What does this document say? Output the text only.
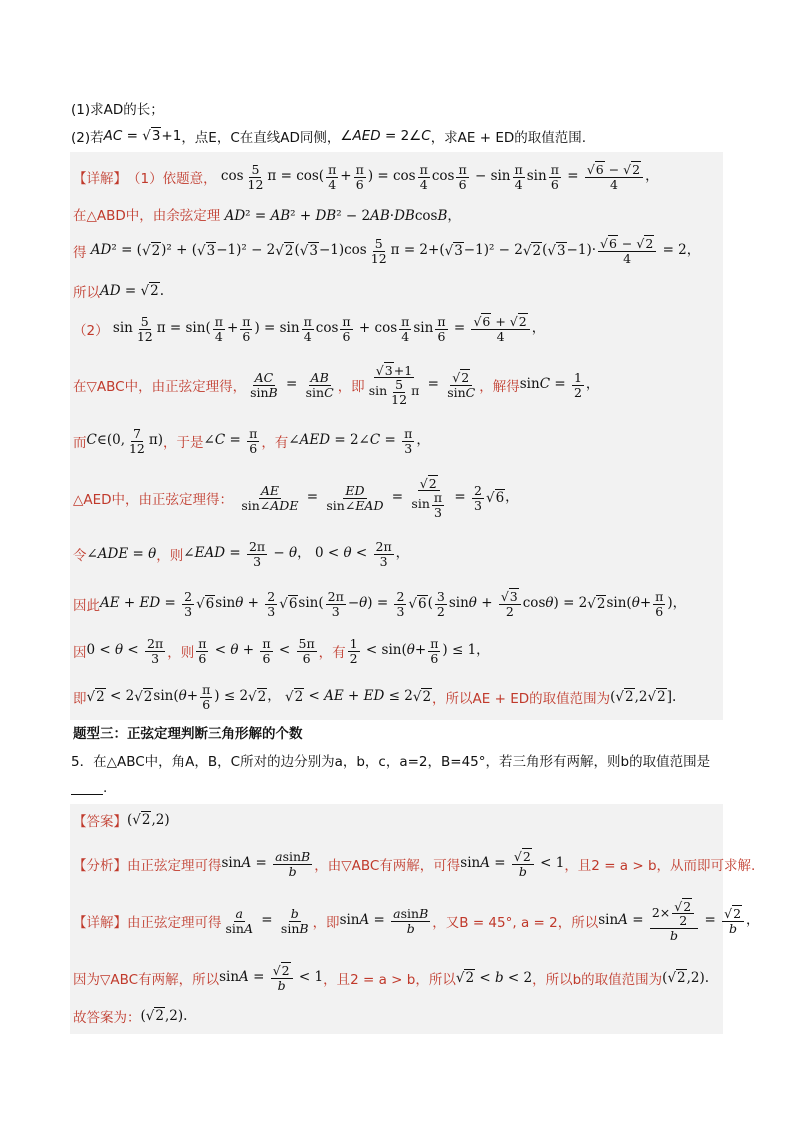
(1)求AD的长；
(2)若 AC = √ 3+1 ，点E，C在直线AD同侧， ∠AED = 2∠C ，求AE + ED的取值范围.
【详解】 （1）依题意， $\cos \frac{5}{12}$ $\pi = \cos( \frac{\pi}{4} + \frac{\pi}{6}$ ) = $\cos \frac{\pi}{4}$ $\cos \frac{\pi}{6} - \sin \frac{\pi}{4}$ $\sin \frac{\pi}{6}$ =
√ $\frac{6 - √ 2}{4}$ ，
在△ABD中，由余弦定理 AD² = AB² + DB² − 2AB·DBcosB，
得 AD² = (√ 2)² + (√ 3−1)² − 2√ 2(√ $3-1)\cos \frac{5}{12}$ π = 2+(√ 3−1)² − 2√ 2(√ 3−1)·
√ $\frac{6 - √ 2}{4} = 2$，
所以 AD = √ 2.
（2） $\sin \frac{5}{12}$ $\pi = \sin( \frac{\pi}{4} + \frac{\pi}{6}$ ) = $\sin \frac{\pi}{4}$ $\cos \frac{\pi}{6} + \cos \frac{\pi}{4}$ $\sin \frac{\pi}{6}$ =
√ $\frac{6 + √ 2}{4}$ ，
在▽ABC中，由正弦定理得， $\frac{AC}{\sin B} = \frac{AB}{\sin C}$ ，即
√ $\frac{3+1}{\sin \frac{5}{12} \pi}$ =
√ $\frac{2}{\sin C}$ ，解得 $\sin C = \frac{1}{2}$ ，
而 C∈(0, $\frac{7}{12} \pi$) ，于是 ∠C = $\frac{\pi}{6}$ ，有 ∠AED = 2∠C = $\frac{\pi}{3}$ ，
△AED中，由正弦定理得：
$\frac{AE}{\text{sin∠ADE}} = \frac{ED}{\text{sin∠EAD}}$ =
√ $\frac{2}{\sin \frac{\pi}{3}} = \frac{2}{3}$
√ 6，
令 ∠ADE = θ ，则 ∠EAD = $\frac{2\pi}{3} - \theta$， $0 < \theta < \frac{2\pi}{3}$ ，
因此 AE + ED = $\frac{2}{3}$
√ $6\sin\theta + \frac{2}{3}$
√ $6\sin( \frac{2\pi}{3} -\theta) = \frac{2}{3}$
√ $6( \frac{3}{2}$ sinθ +
√ $\frac{3}{2} \cos\theta) = 2√$ $2\sin(\theta+ \frac{\pi}{6}$ )，
因 $0 < \theta < \frac{2\pi}{3}$ ，则 $\frac{\pi}{6} < \theta + \frac{\pi}{6} < \frac{5\pi}{6}$ ，有 $\frac{1}{2} < \sin(\theta+ \frac{\pi}{6}$ ) ≤ 1，
即
√ 2 < 2√ $2\sin(\theta+ \frac{\pi}{6}$ ) ≤ 2√ 2， √ 2 < AE + ED ≤ 2√ 2 ，所以AE + ED的取值范围为 (√ 2,2√ 2].
题型三：正弦定理判断三角形解的个数
5．在△ABC中，角A，B，C所对的边分别为a，b，c，a=2，B=45°，若三角形有两解，则b的取值范围是
.
【答案】 (√ 2,2)
【分析】 由正弦定理可得 $\sin A = \frac{asinB}{b}$ ，由▽ABC有两解，可得 sinA =
√ $\frac{2}{b} < 1$ ，且2 = a > b，从而即可求解.
【详解】 由正弦定理可得 $\frac{a}{\sin A} = \frac{b}{\sin B}$ ，即 $\sin A = \frac{asinB}{b}$ ，又B = 45°, a = 2，所以 sinA = 2×
√ $\frac{2}{2}$
b =
√ $\frac{2}{b}$ ，
因为▽ABC有两解，所以 sinA =
√ $\frac{2}{b} < 1$ ，且2 = a > b，所以
√ 2 < b < 2 ，所以b的取值范围为 (√ 2,2).
故答案为： (√ 2,2).
